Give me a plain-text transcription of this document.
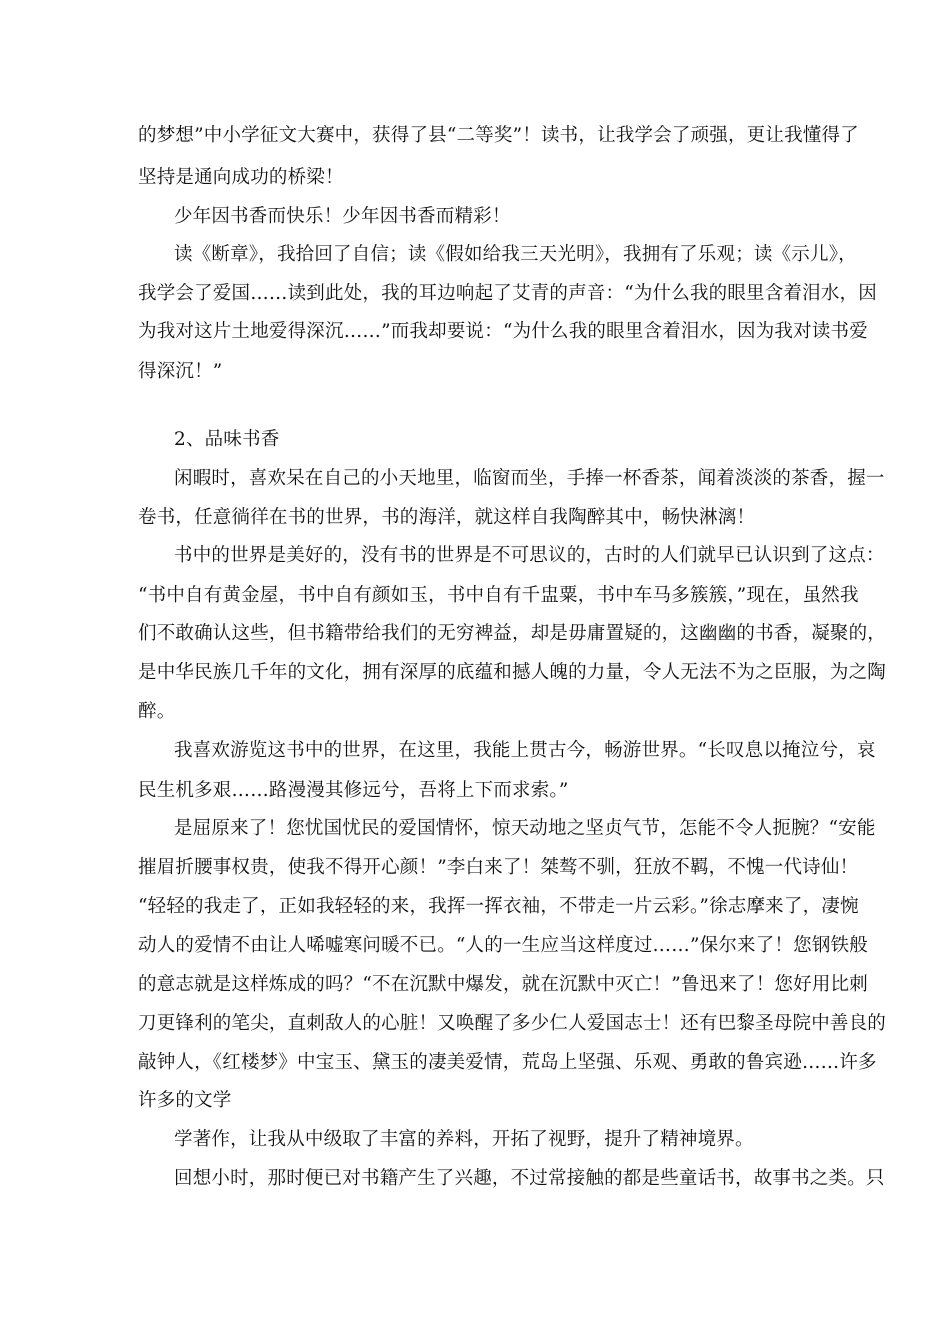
的梦想”中小学征文大赛中，获得了县“二等奖”！读书，让我学会了顽强，更让我懂得了
坚持是通向成功的桥梁！
少年因书香而快乐！少年因书香而精彩！
读《断章》，我拾回了自信；读《假如给我三天光明》，我拥有了乐观；读《示儿》，
我学会了爱国……读到此处，我的耳边响起了艾青的声音：“为什么我的眼里含着泪水，因
为我对这片土地爱得深沉……”而我却要说：“为什么我的眼里含着泪水，因为我对读书爱
得深沉！”
2、品味书香
闲暇时，喜欢呆在自己的小天地里，临窗而坐，手捧一杯香茶，闻着淡淡的茶香，握一
卷书，任意徜徉在书的世界，书的海洋，就这样自我陶醉其中，畅快淋漓！
书中的世界是美好的，没有书的世界是不可思议的，古时的人们就早已认识到了这点：
“书中自有黄金屋，书中自有颜如玉，书中自有千盅粟，书中车马多簇簇，”现在，虽然我
们不敢确认这些，但书籍带给我们的无穷裨益，却是毋庸置疑的，这幽幽的书香，凝聚的，
是中华民族几千年的文化，拥有深厚的底蕴和撼人魄的力量，令人无法不为之臣服，为之陶
醉。
我喜欢游览这书中的世界，在这里，我能上贯古今，畅游世界。“长叹息以掩泣兮，哀
民生机多艰……路漫漫其修远兮，吾将上下而求索。”
是屈原来了！您忧国忧民的爱国情怀，惊天动地之坚贞气节，怎能不令人扼腕？“安能
摧眉折腰事权贵，使我不得开心颜！”李白来了！桀骜不驯，狂放不羁，不愧一代诗仙！
“轻轻的我走了，正如我轻轻的来，我挥一挥衣袖，不带走一片云彩。”徐志摩来了，凄惋
动人的爱情不由让人唏嘘寒问暖不已。“人的一生应当这样度过……”保尔来了！您钢铁般
的意志就是这样炼成的吗？“不在沉默中爆发，就在沉默中灭亡！”鲁迅来了！您好用比刺
刀更锋利的笔尖，直刺敌人的心脏！又唤醒了多少仁人爱国志士！还有巴黎圣母院中善良的
敲钟人，《红楼梦》中宝玉、黛玉的凄美爱情，荒岛上坚强、乐观、勇敢的鲁宾逊……许多
许多的文学
学著作，让我从中级取了丰富的养料，开拓了视野，提升了精神境界。
回想小时，那时便已对书籍产生了兴趣，不过常接触的都是些童话书，故事书之类。只
